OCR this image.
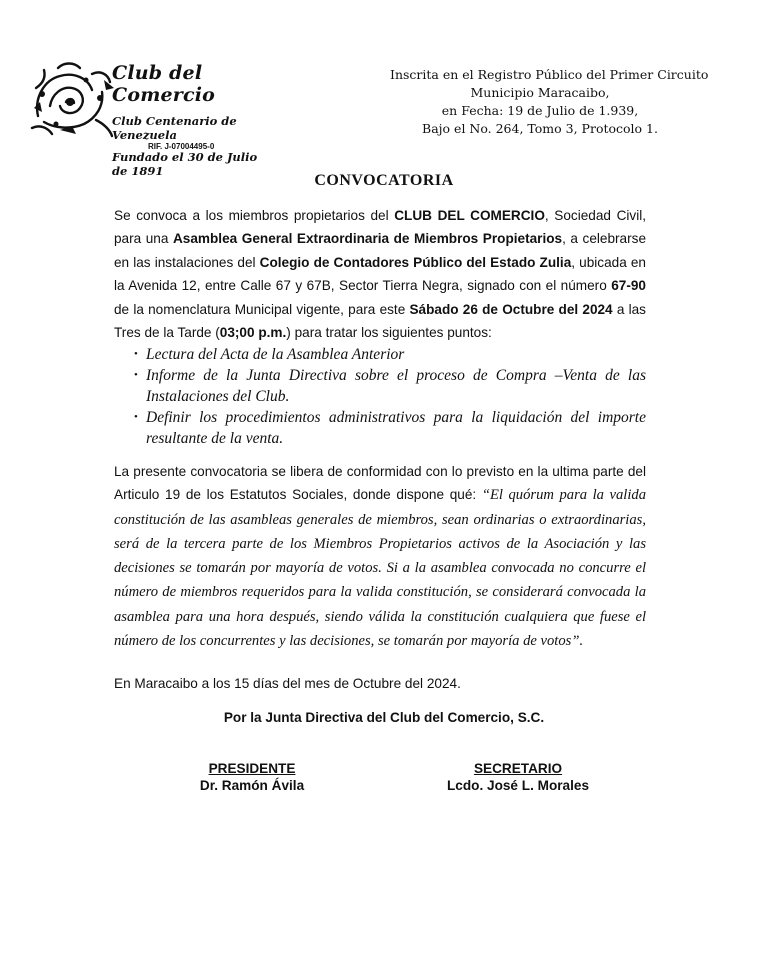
Club del Comercio
Club Centenario de Venezuela
Fundado el 30 de Julio de 1891
RIF. J-07004495-0
Inscrita en el Registro Público del Primer Circuito
Municipio Maracaibo,
en Fecha: 19 de Julio de 1.939,
Bajo el No. 264, Tomo 3, Protocolo 1.
CONVOCATORIA
Se convoca a los miembros propietarios del CLUB DEL COMERCIO, Sociedad Civil, para una Asamblea General Extraordinaria de Miembros Propietarios, a celebrarse en las instalaciones del Colegio de Contadores Público del Estado Zulia, ubicada en la Avenida 12, entre Calle 67 y 67B, Sector Tierra Negra, signado con el número 67-90 de la nomenclatura Municipal vigente, para este Sábado 26 de Octubre del 2024 a las Tres de la Tarde (03;00 p.m.) para tratar los siguientes puntos:
• Lectura del Acta de la Asamblea Anterior
• Informe de la Junta Directiva sobre el proceso de Compra –Venta de las Instalaciones del Club.
• Definir los procedimientos administrativos para la liquidación del importe resultante de la venta.
La presente convocatoria se libera de conformidad con lo previsto en la ultima parte del Articulo 19 de los Estatutos Sociales, donde dispone qué: “El quórum para la valida constitución de las asambleas generales de miembros, sean ordinarias o extraordinarias, será de la tercera parte de los Miembros Propietarios activos de la Asociación y las decisiones se tomarán por mayoría de votos. Si a la asamblea convocada no concurre el número de miembros requeridos para la valida constitución, se considerará convocada la asamblea para una hora después, siendo válida la constitución cualquiera que fuese el número de los concurrentes y las decisiones, se tomarán por mayoría de votos”.
En Maracaibo a los 15 días del mes de Octubre del 2024.
Por la Junta Directiva del Club del Comercio, S.C.
PRESIDENTE
Dr. Ramón Ávila
SECRETARIO
Lcdo. José L. Morales
